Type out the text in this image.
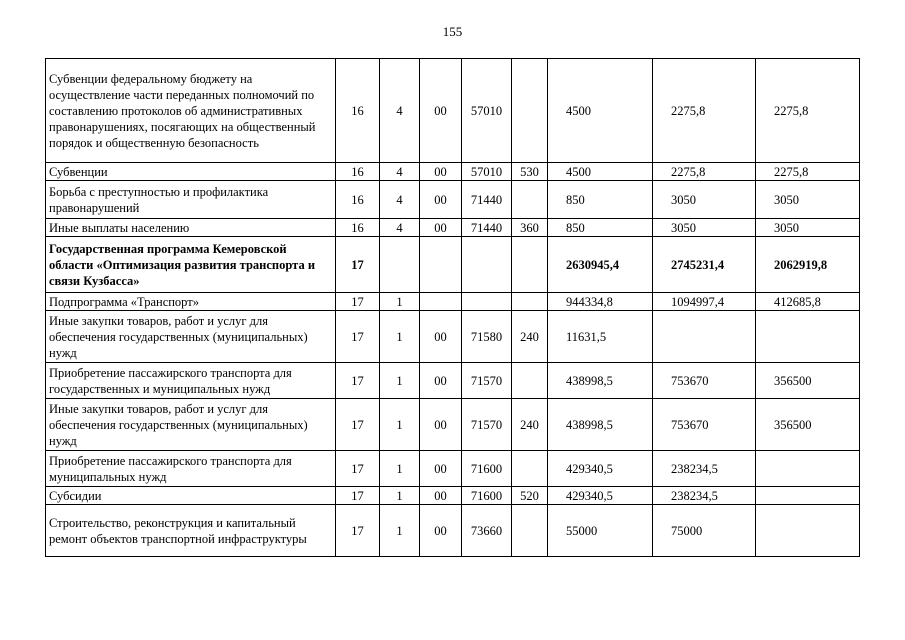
155
Субвенции федеральному бюджету на осуществление части переданных полномочий по составлению протоколов об административных правонарушениях, посягающих на общественный порядок и общественную безопасность	16	4	00	57010		4500	2275,8	2275,8
Субвенции	16	4	00	57010	530	4500	2275,8	2275,8
Борьба с преступностью и профилактика правонарушений	16	4	00	71440		850	3050	3050
Иные выплаты населению	16	4	00	71440	360	850	3050	3050
Государственная программа Кемеровской области «Оптимизация развития транспорта и связи Кузбасса»	17					2630945,4	2745231,4	2062919,8
Подпрограмма «Транспорт»	17	1				944334,8	1094997,4	412685,8
Иные закупки товаров, работ и услуг для обеспечения государственных (муниципальных) нужд	17	1	00	71580	240	11631,5		
Приобретение пассажирского транспорта для государственных и муниципальных нужд	17	1	00	71570		438998,5	753670	356500
Иные закупки товаров, работ и услуг для обеспечения государственных (муниципальных) нужд	17	1	00	71570	240	438998,5	753670	356500
Приобретение пассажирского транспорта для муниципальных нужд	17	1	00	71600		429340,5	238234,5	
Субсидии	17	1	00	71600	520	429340,5	238234,5	
Строительство, реконструкция и капитальный ремонт объектов транспортной инфраструктуры	17	1	00	73660		55000	75000	
